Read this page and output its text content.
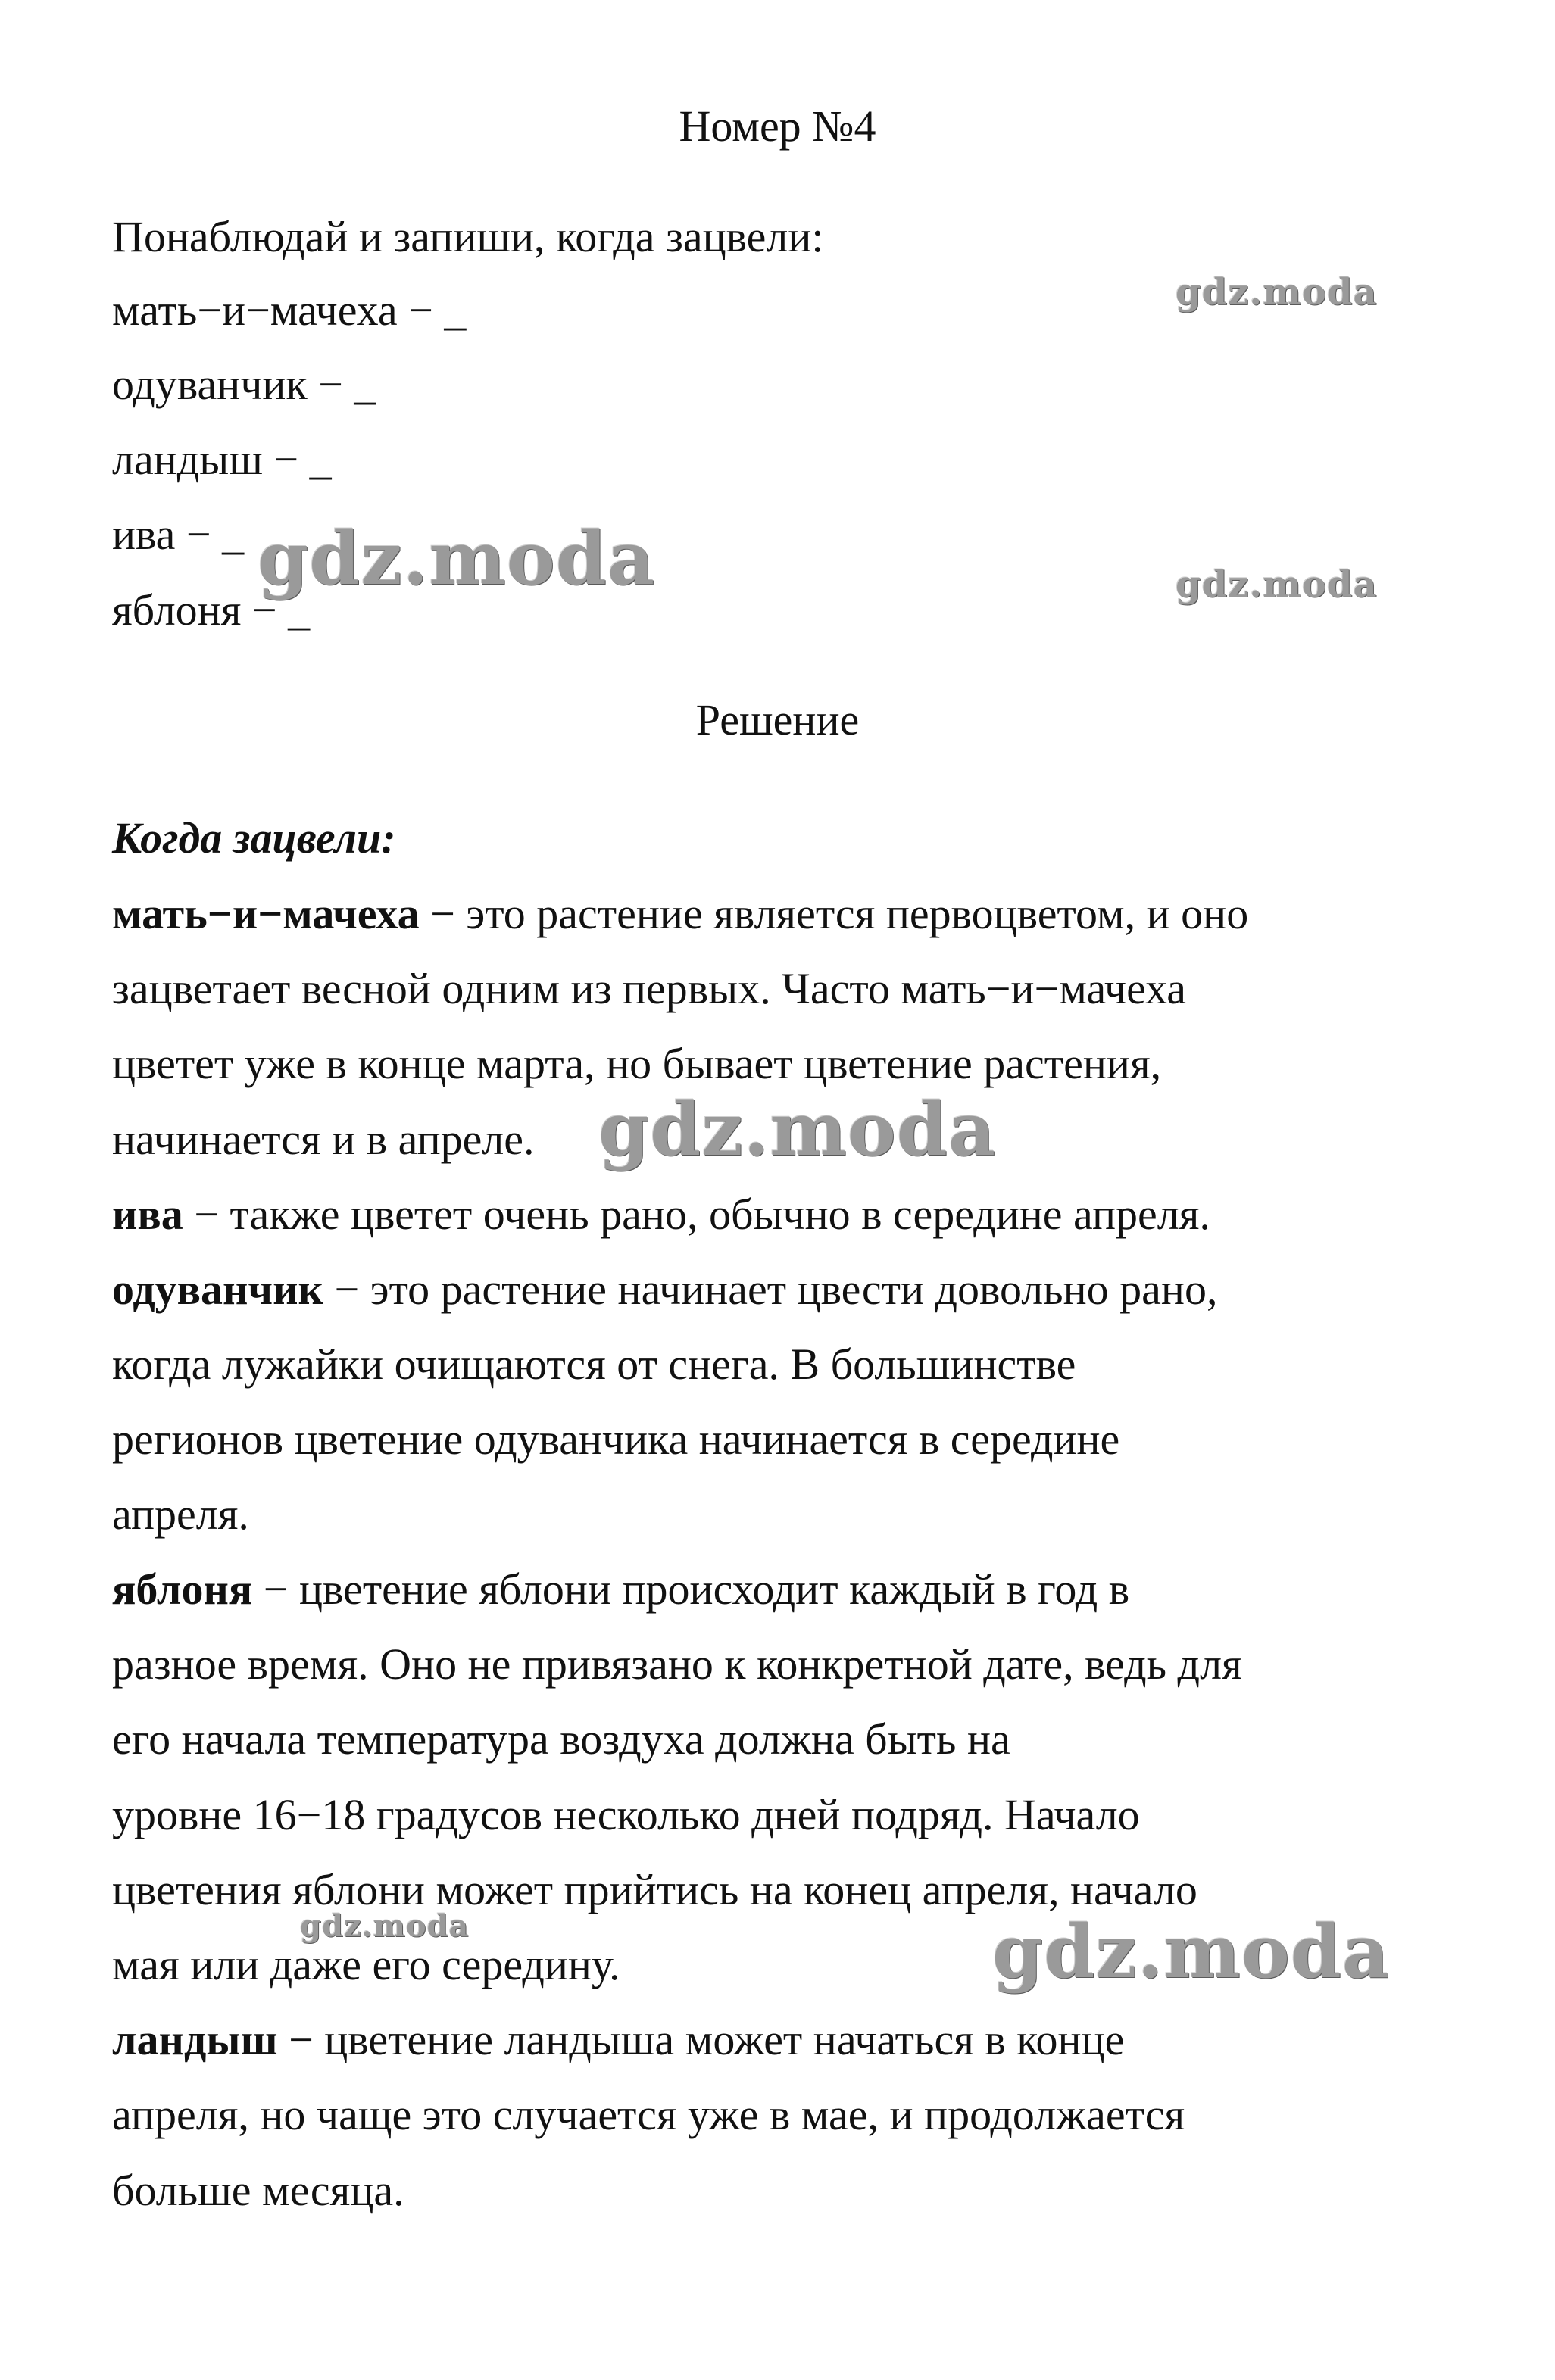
Номер №4
Понаблюдай и запиши, когда зацвели:
мать−и−мачеха − _
одуванчик − _
ландыш − _
ива − _
яблоня − _
Решение
Когда зацвели:
мать−и−мачеха − это растение является первоцветом, и оно
зацветает весной одним из первых. Часто мать−и−мачеха
цветет уже в конце марта, но бывает цветение растения,
начинается и в апреле.
ива − также цветет очень рано, обычно в середине апреля.
одуванчик − это растение начинает цвести довольно рано,
когда лужайки очищаются от снега. В большинстве
регионов цветение одуванчика начинается в середине
апреля.
яблоня − цветение яблони происходит каждый в год в
разное время. Оно не привязано к конкретной дате, ведь для
его начала температура воздуха должна быть на
уровне 16−18 градусов несколько дней подряд. Начало
цветения яблони может прийтись на конец апреля, начало
мая или даже его середину.
ландыш − цветение ландыша может начаться в конце
апреля, но чаще это случается уже в мае, и продолжается
больше месяца.
gdz.moda
gdz.moda	gdz.moda
gdz.moda
gdz.moda	gdz.moda
